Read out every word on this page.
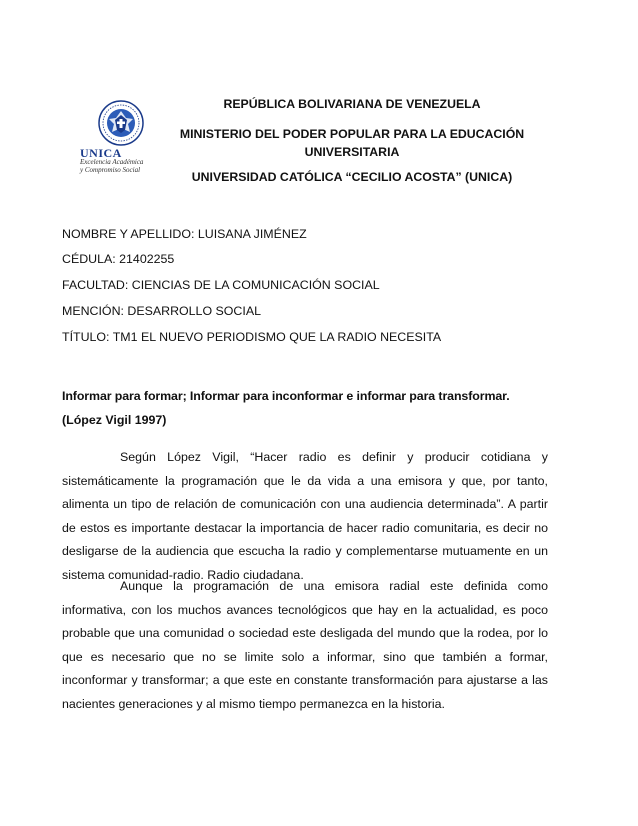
UNICA
Excelencia Académica
y Compromiso Social
REPÚBLICA BOLIVARIANA DE VENEZUELA
MINISTERIO DEL PODER POPULAR PARA LA EDUCACIÓN
UNIVERSITARIA
UNIVERSIDAD CATÓLICA “CECILIO ACOSTA” (UNICA)
NOMBRE Y APELLIDO: LUISANA JIMÉNEZ
CÉDULA: 21402255
FACULTAD: CIENCIAS DE LA COMUNICACIÓN SOCIAL
MENCIÓN: DESARROLLO SOCIAL
TÍTULO: TM1 EL NUEVO PERIODISMO QUE LA RADIO NECESITA
Informar para formar; Informar para inconformar e informar para transformar.
(López Vigil 1997)

Según López Vigil, “Hacer radio es definir y producir cotidiana y sistemáticamente la programación que le da vida a una emisora y que, por tanto, alimenta un tipo de relación de comunicación con una audiencia determinada”. A partir de estos es importante destacar la importancia de hacer radio comunitaria, es decir no desligarse de la audiencia que escucha la radio y complementarse mutuamente en un sistema comunidad-radio. Radio ciudadana.

Aunque la programación de una emisora radial este definida como informativa, con los muchos avances tecnológicos que hay en la actualidad, es poco probable que una comunidad o sociedad este desligada del mundo que la rodea, por lo que es necesario que no se limite solo a informar, sino que también a formar, inconformar y transformar; a que este en constante transformación para ajustarse a las nacientes generaciones y al mismo tiempo permanezca en la historia.
